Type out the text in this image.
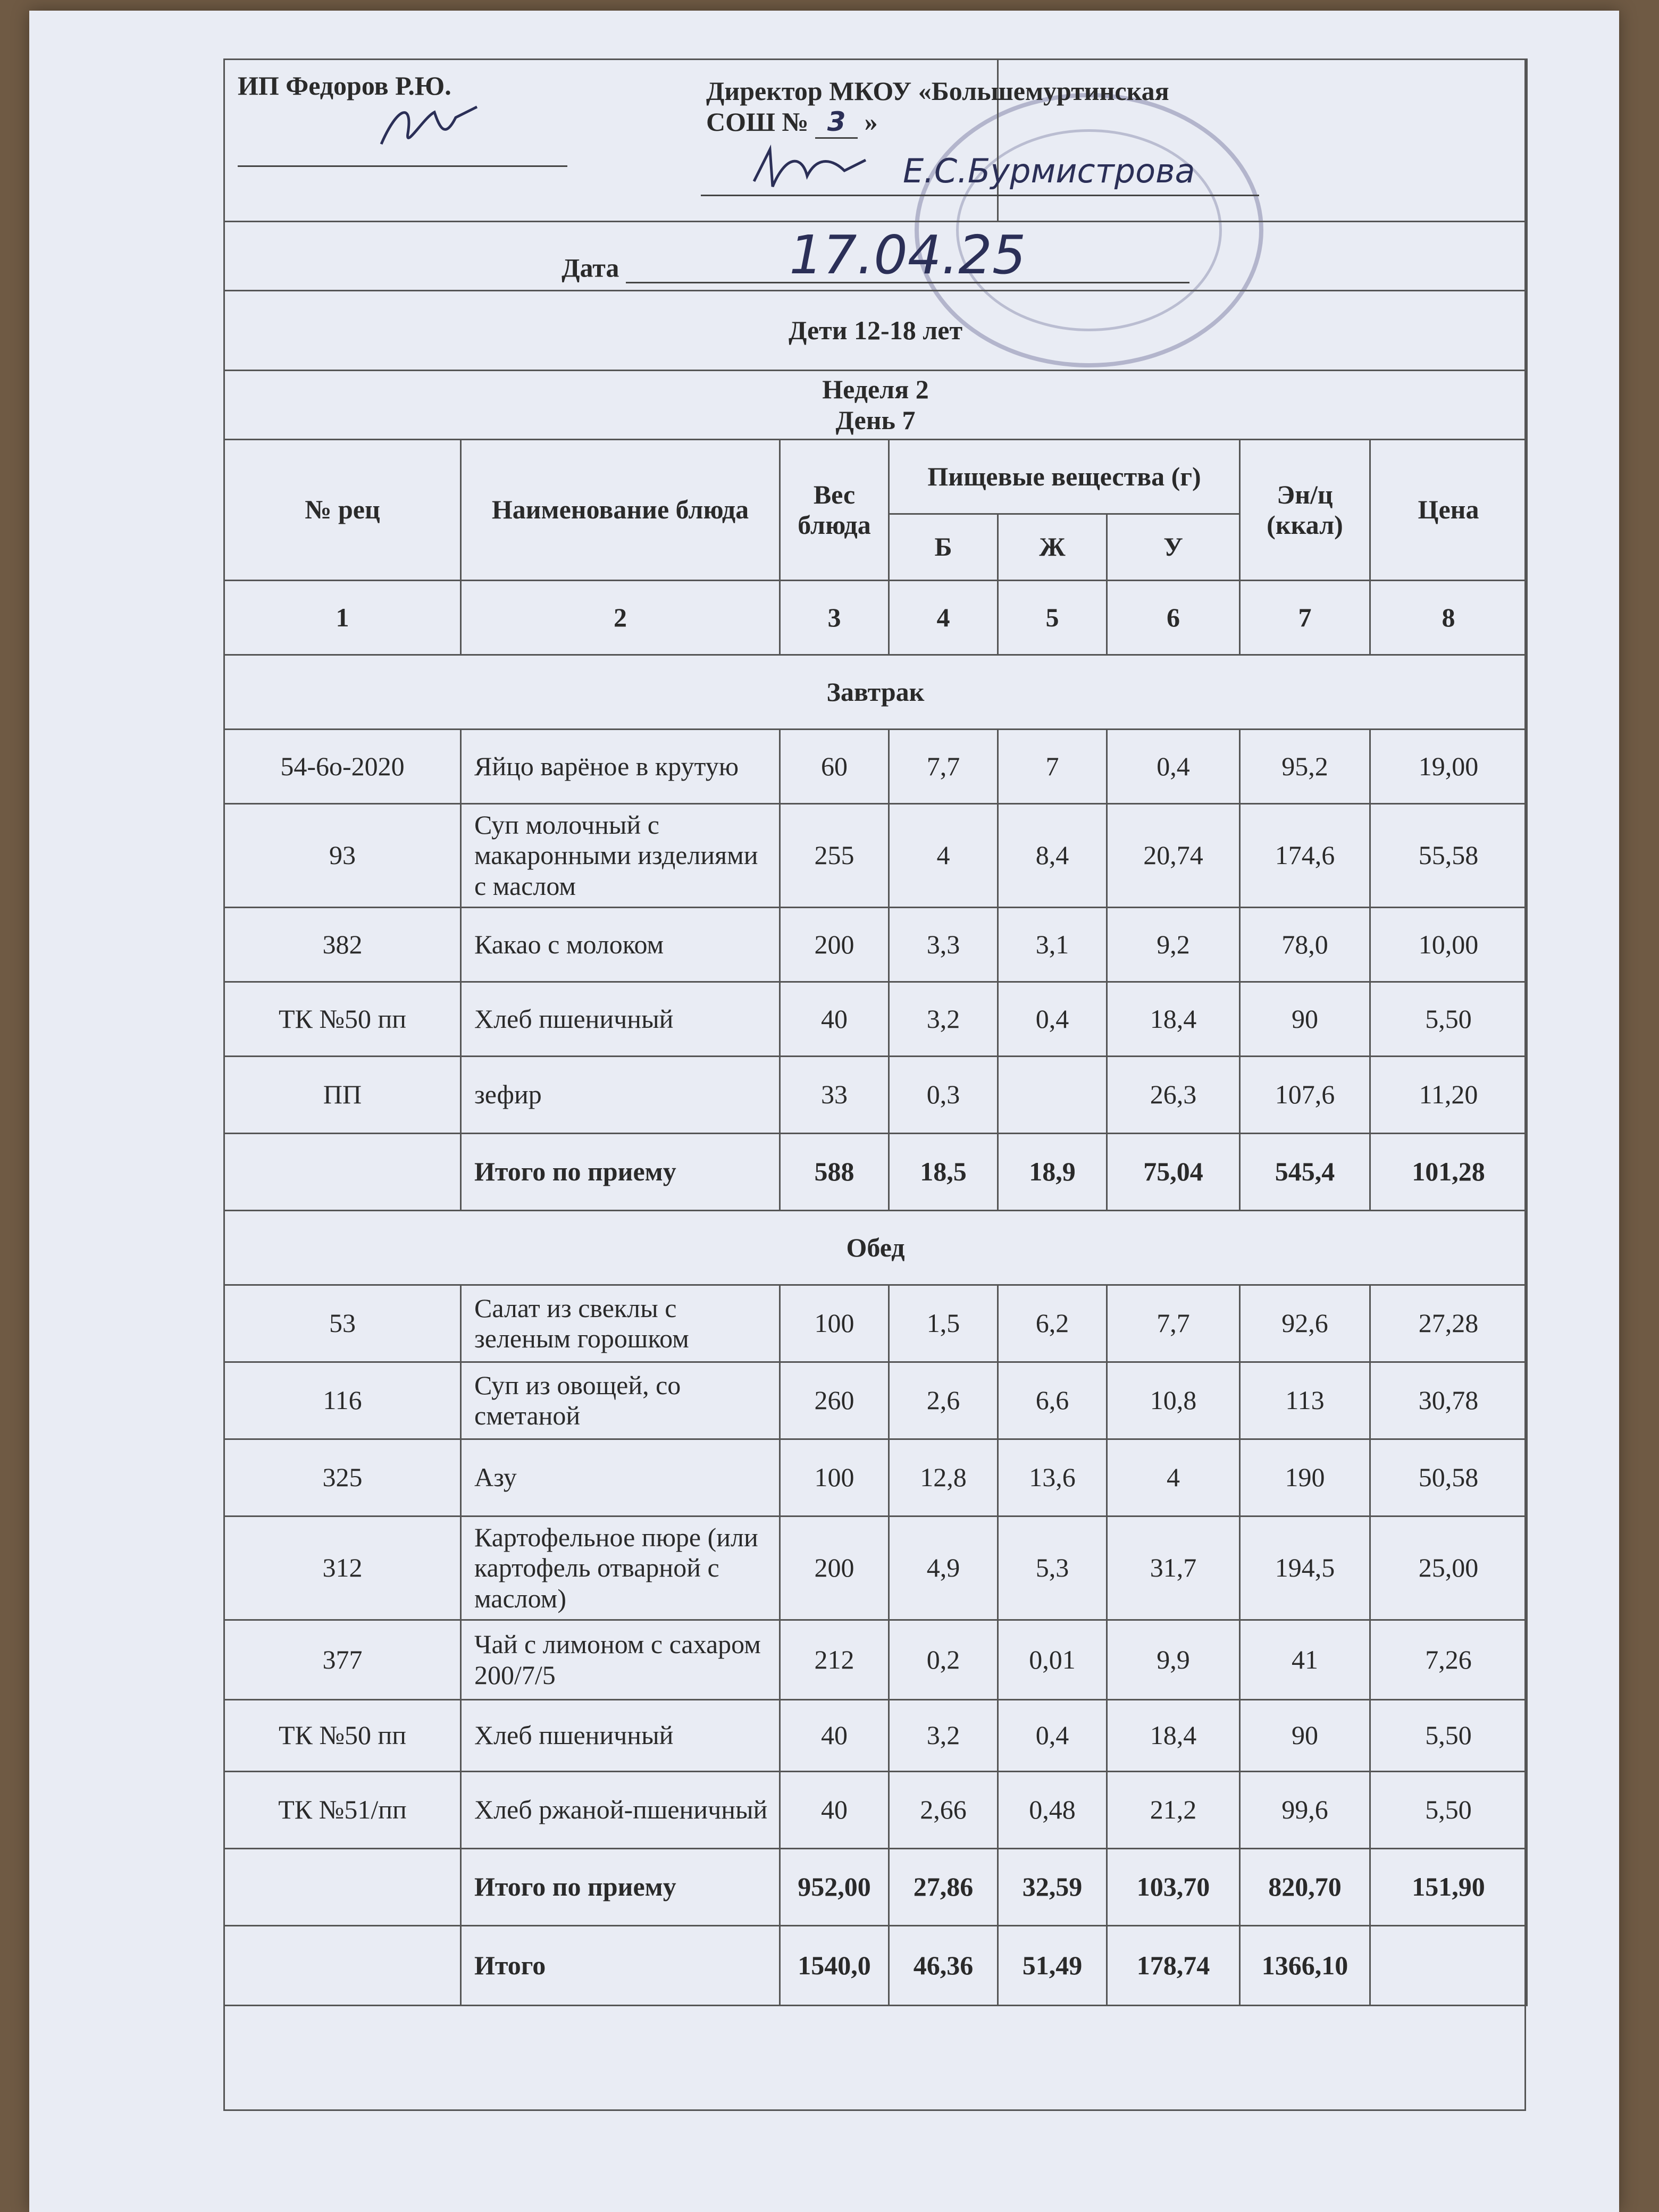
ИП Федоров Р.Ю.				Директор МКОУ «Большемуртинская
СОШ № 3 »
Е.С.Бурмистрова			

Дата 17.04.25							
Дети 12-18 лет							

Неделя 2
День 7							

№ рец	Наименование блюда	Вес блюда	Пищевые вещества (г)			Эн/ц (ккал)	Цена
			Б	Ж	У		
1	2	3	4	5	6	7	8
Завтрак							
54-6о-2020	Яйцо варёное в крутую	60	7,7	7	0,4	95,2	19,00
93	Суп молочный с макаронными изделиями с маслом	255	4	8,4	20,74	174,6	55,58
382	Какао с молоком	200	3,3	3,1	9,2	78,0	10,00
ТК №50 пп	Хлеб пшеничный	40	3,2	0,4	18,4	90	5,50
ПП	зефир	33	0,3		26,3	107,6	11,20
	Итого по приему	588	18,5	18,9	75,04	545,4	101,28
Обед							
53	Салат из свеклы с зеленым горошком	100	1,5	6,2	7,7	92,6	27,28
116	Суп из овощей, со сметаной	260	2,6	6,6	10,8	113	30,78
325	Азу	100	12,8	13,6	4	190	50,58
312	Картофельное пюре (или картофель отварной с маслом)	200	4,9	5,3	31,7	194,5	25,00
377	Чай с лимоном с сахаром 200/7/5	212	0,2	0,01	9,9	41	7,26
ТК №50 пп	Хлеб пшеничный	40	3,2	0,4	18,4	90	5,50
ТК №51/пп	Хлеб ржаной-пшеничный	40	2,66	0,48	21,2	99,6	5,50
	Итого по приему	952,00	27,86	32,59	103,70	820,70	151,90
	Итого	1540,0	46,36	51,49	178,74	1366,10	
